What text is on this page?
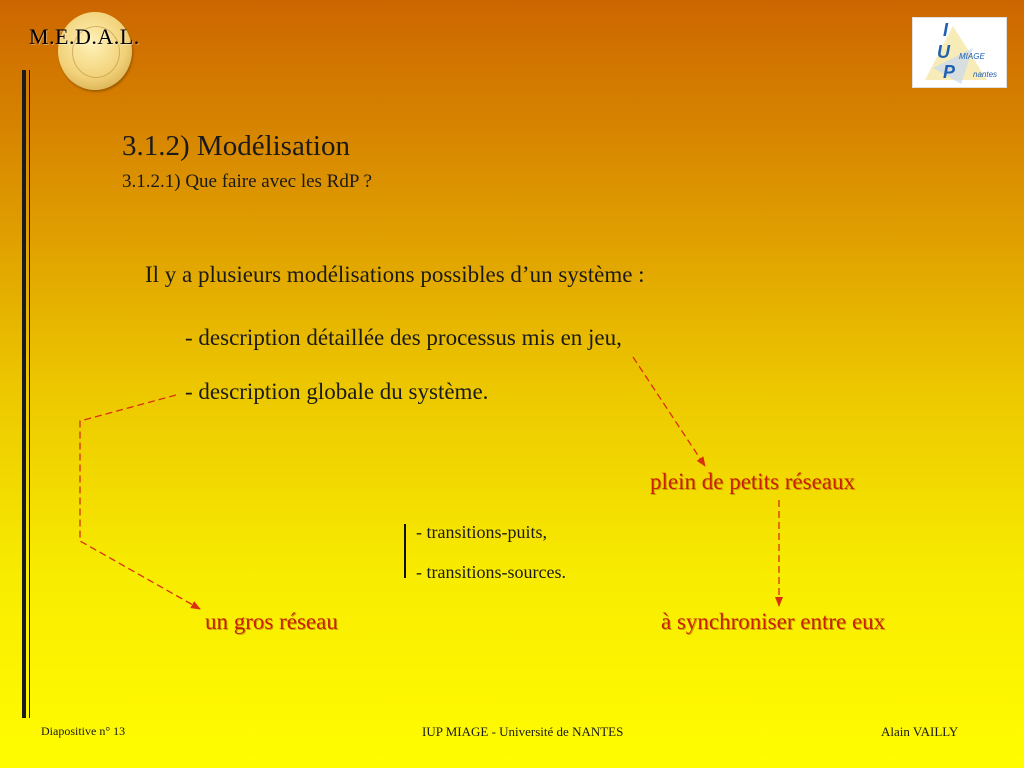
M.E.D.A.L.	I
U
P
MIAGE
nantes
3.1.2) Modélisation
3.1.2.1) Que faire avec les RdP ?
Il y a plusieurs modélisations possibles d’un système :
- description détaillée des processus mis en jeu,
- description globale du système.
plein de petits réseaux
un gros réseau	à synchroniser entre eux
- transitions-puits,
- transitions-sources.
Diapositive n° 13	IUP MIAGE - Université de NANTES	Alain VAILLY
